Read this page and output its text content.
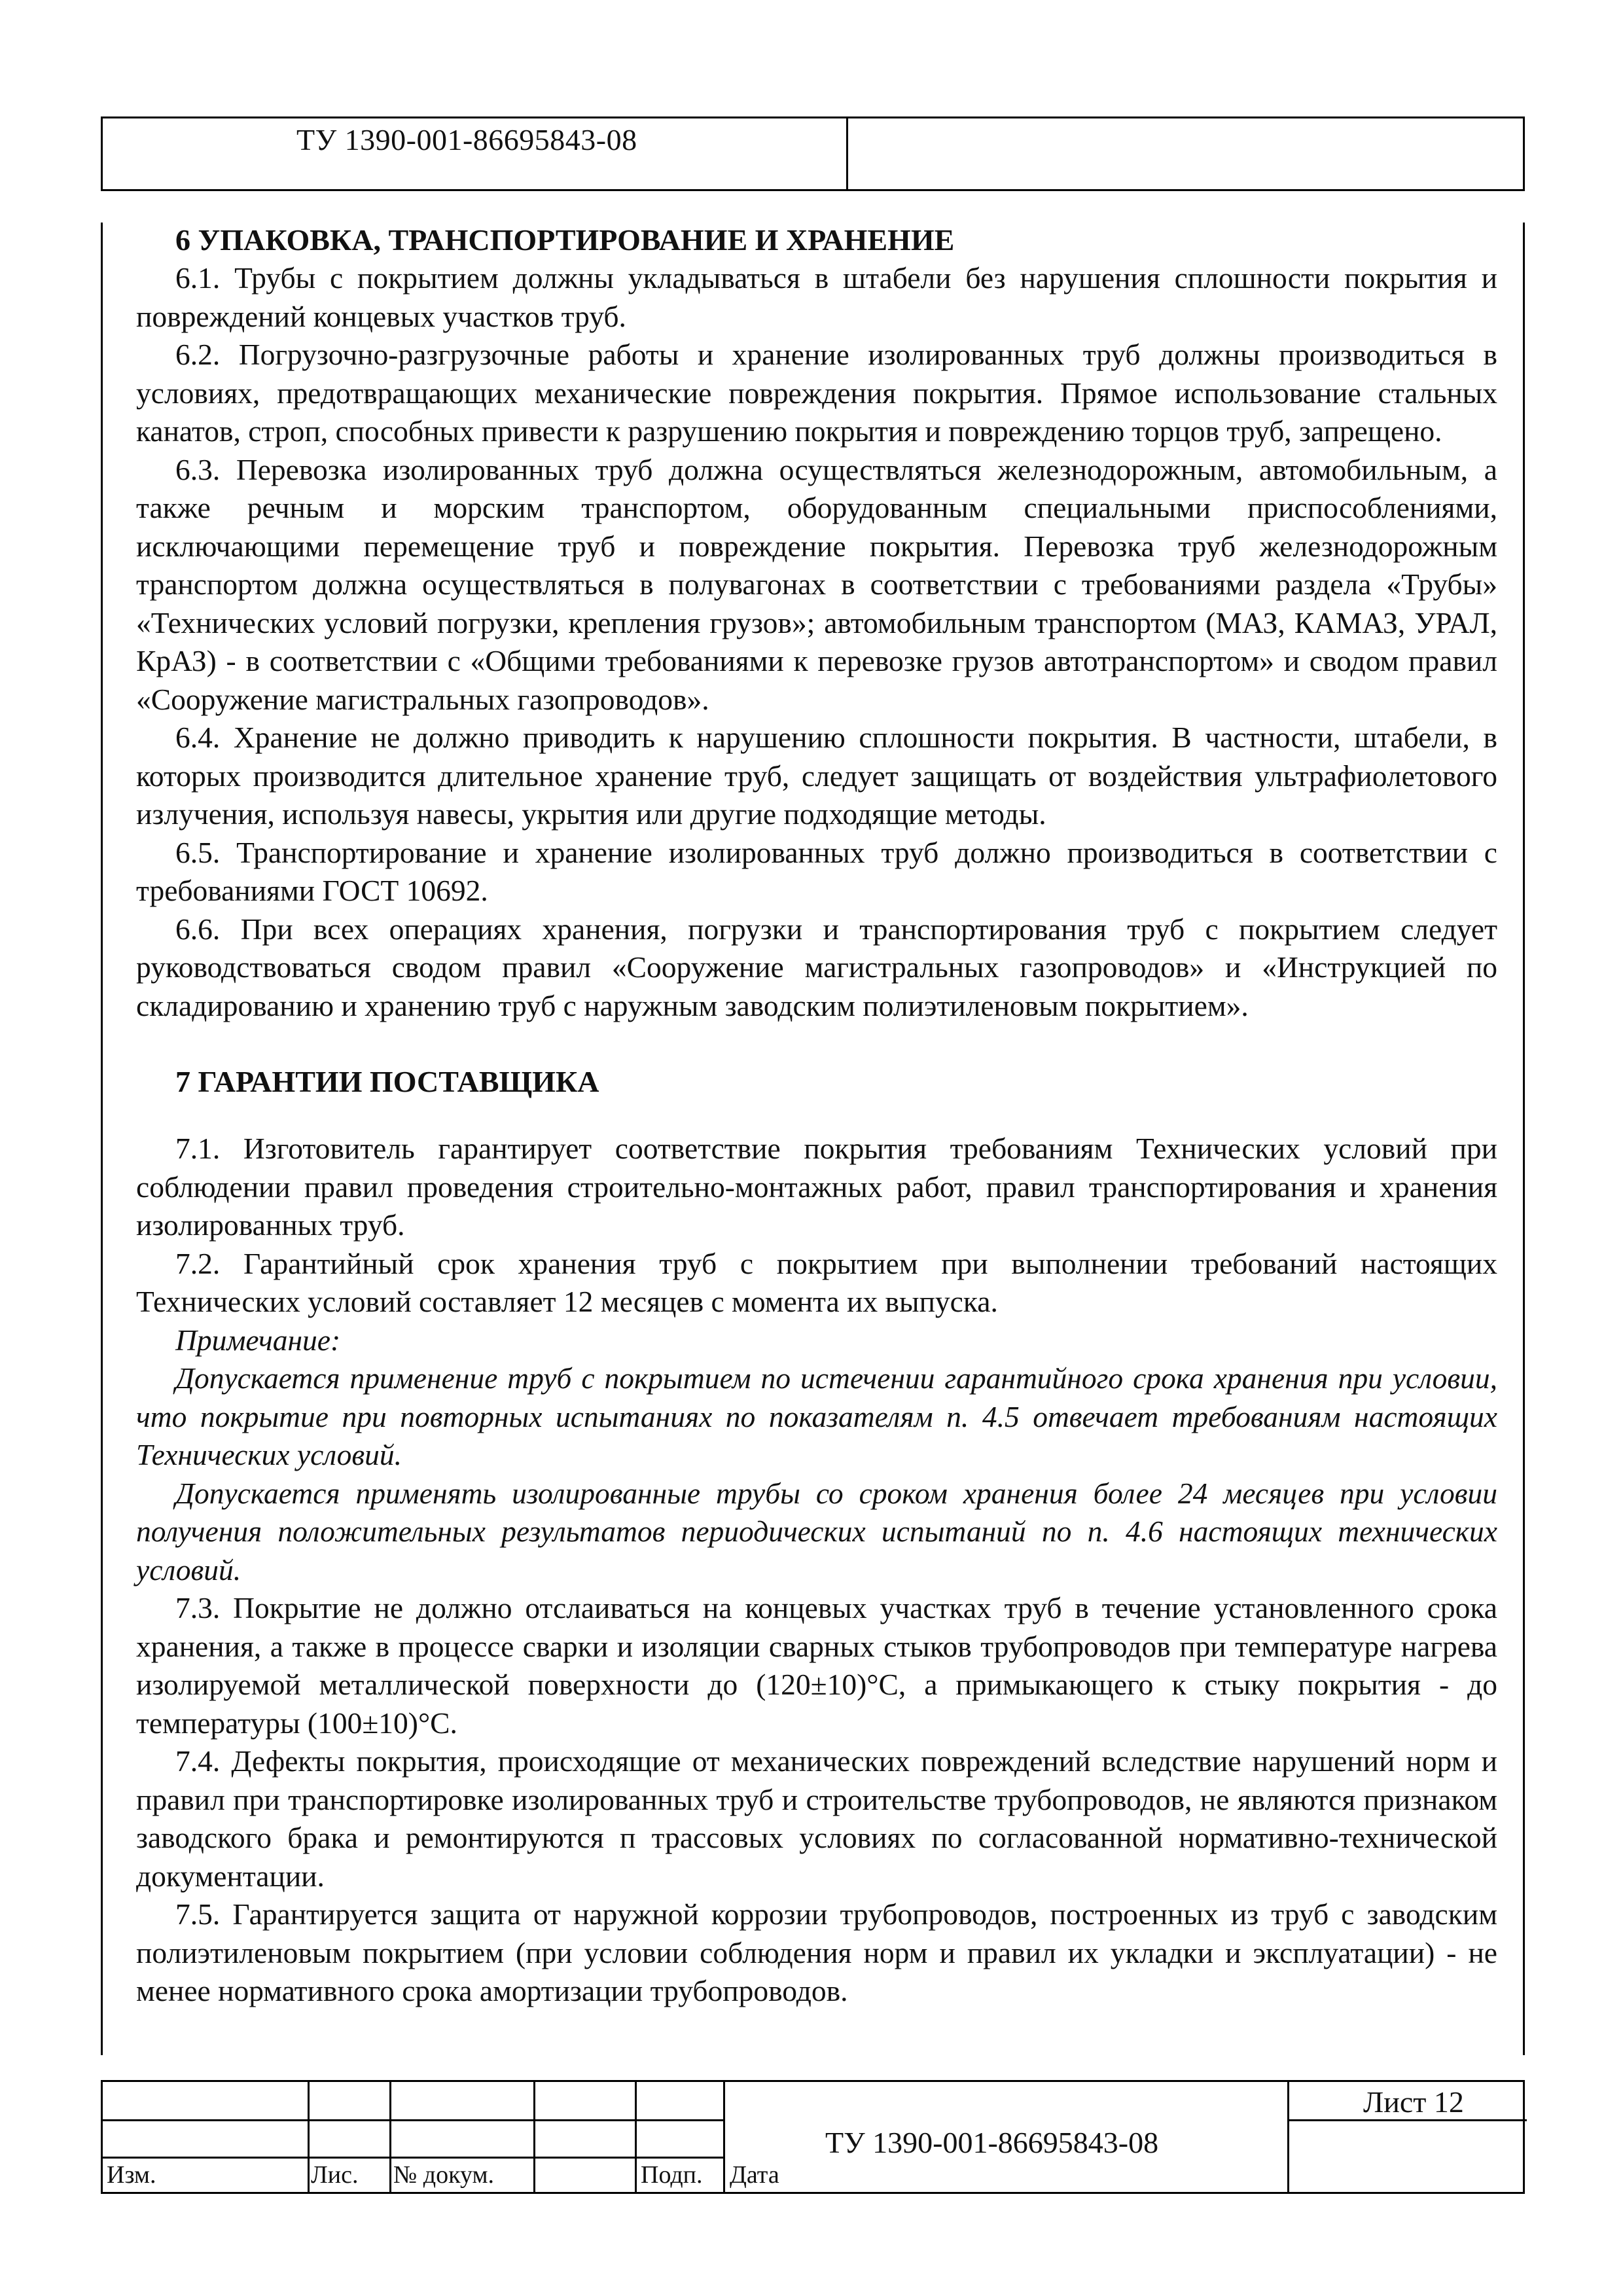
ТУ 1390-001-86695843-08
6 УПАКОВКА, ТРАНСПОРТИРОВАНИЕ И ХРАНЕНИЕ

6.1. Трубы с покрытием должны укладываться в штабели без нарушения сплошности покрытия и повреждений концевых участков труб.

6.2. Погрузочно-разгрузочные работы и хранение изолированных труб должны производиться в условиях, предотвращающих механические повреждения покрытия. Прямое использование стальных канатов, строп, способных привести к разрушению покрытия и повреждению торцов труб, запрещено.

6.3. Перевозка изолированных труб должна осуществляться железнодорожным, автомобильным, а также речным и морским транспортом, оборудованным специальными приспособлениями, исключающими перемещение труб и повреждение покрытия. Перевозка труб железнодорожным транспортом должна осуществляться в полувагонах в соответствии с требованиями раздела «Трубы» «Технических условий погрузки, крепления грузов»; автомобильным транспортом (МАЗ, КАМАЗ, УРАЛ, КрАЗ) - в соответствии с «Общими требованиями к перевозке грузов автотранспортом» и сводом правил «Сооружение магистральных газопроводов».

6.4. Хранение не должно приводить к нарушению сплошности покрытия. В частности, штабели, в которых производится длительное хранение труб, следует защищать от воздействия ультрафиолетового излучения, используя навесы, укрытия или другие подходящие методы.

6.5. Транспортирование и хранение изолированных труб должно производиться в соответствии с требованиями ГОСТ 10692.

6.6. При всех операциях хранения, погрузки и транспортирования труб с покрытием следует руководствоваться сводом правил «Сооружение магистральных газопроводов» и «Инструкцией по складированию и хранению труб с наружным заводским полиэтиленовым покрытием».

7 ГАРАНТИИ ПОСТАВЩИКА

7.1. Изготовитель гарантирует соответствие покрытия требованиям Технических условий при соблюдении правил проведения строительно-монтажных работ, правил транспортирования и хранения изолированных труб.

7.2. Гарантийный срок хранения труб с покрытием при выполнении требований настоящих Технических условий составляет 12 месяцев с момента их выпуска.

Примечание:

Допускается применение труб с покрытием по истечении гарантийного срока хранения при условии, что покрытие при повторных испытаниях по показателям п. 4.5 отвечает требованиям настоящих Технических условий.

Допускается применять изолированные трубы со сроком хранения более 24 месяцев при условии получения положительных результатов периодических испытаний по п. 4.6 настоящих технических условий.

7.3. Покрытие не должно отслаиваться на концевых участках труб в течение установленного срока хранения, а также в процессе сварки и изоляции сварных стыков трубопроводов при температуре нагрева изолируемой металлической поверхности до (120±10)°С, а примыкающего к стыку покрытия - до температуры (100±10)°С.

7.4. Дефекты покрытия, происходящие от механических повреждений вследствие нарушений норм и правил при транспортировке изолированных труб и строительстве трубопроводов, не являются признаком заводского брака и ремонтируются п трассовых условиях по согласованной нормативно-технической документации.

7.5. Гарантируется защита от наружной коррозии трубопроводов, построенных из труб с заводским полиэтиленовым покрытием (при условии соблюдения норм и правил их укладки и эксплуатации) - не менее нормативного срока амортизации трубопроводов.

Изм.	Лис. № докум.	Подп. Дата
ТУ 1390-001-86695843-08
Лист 12
